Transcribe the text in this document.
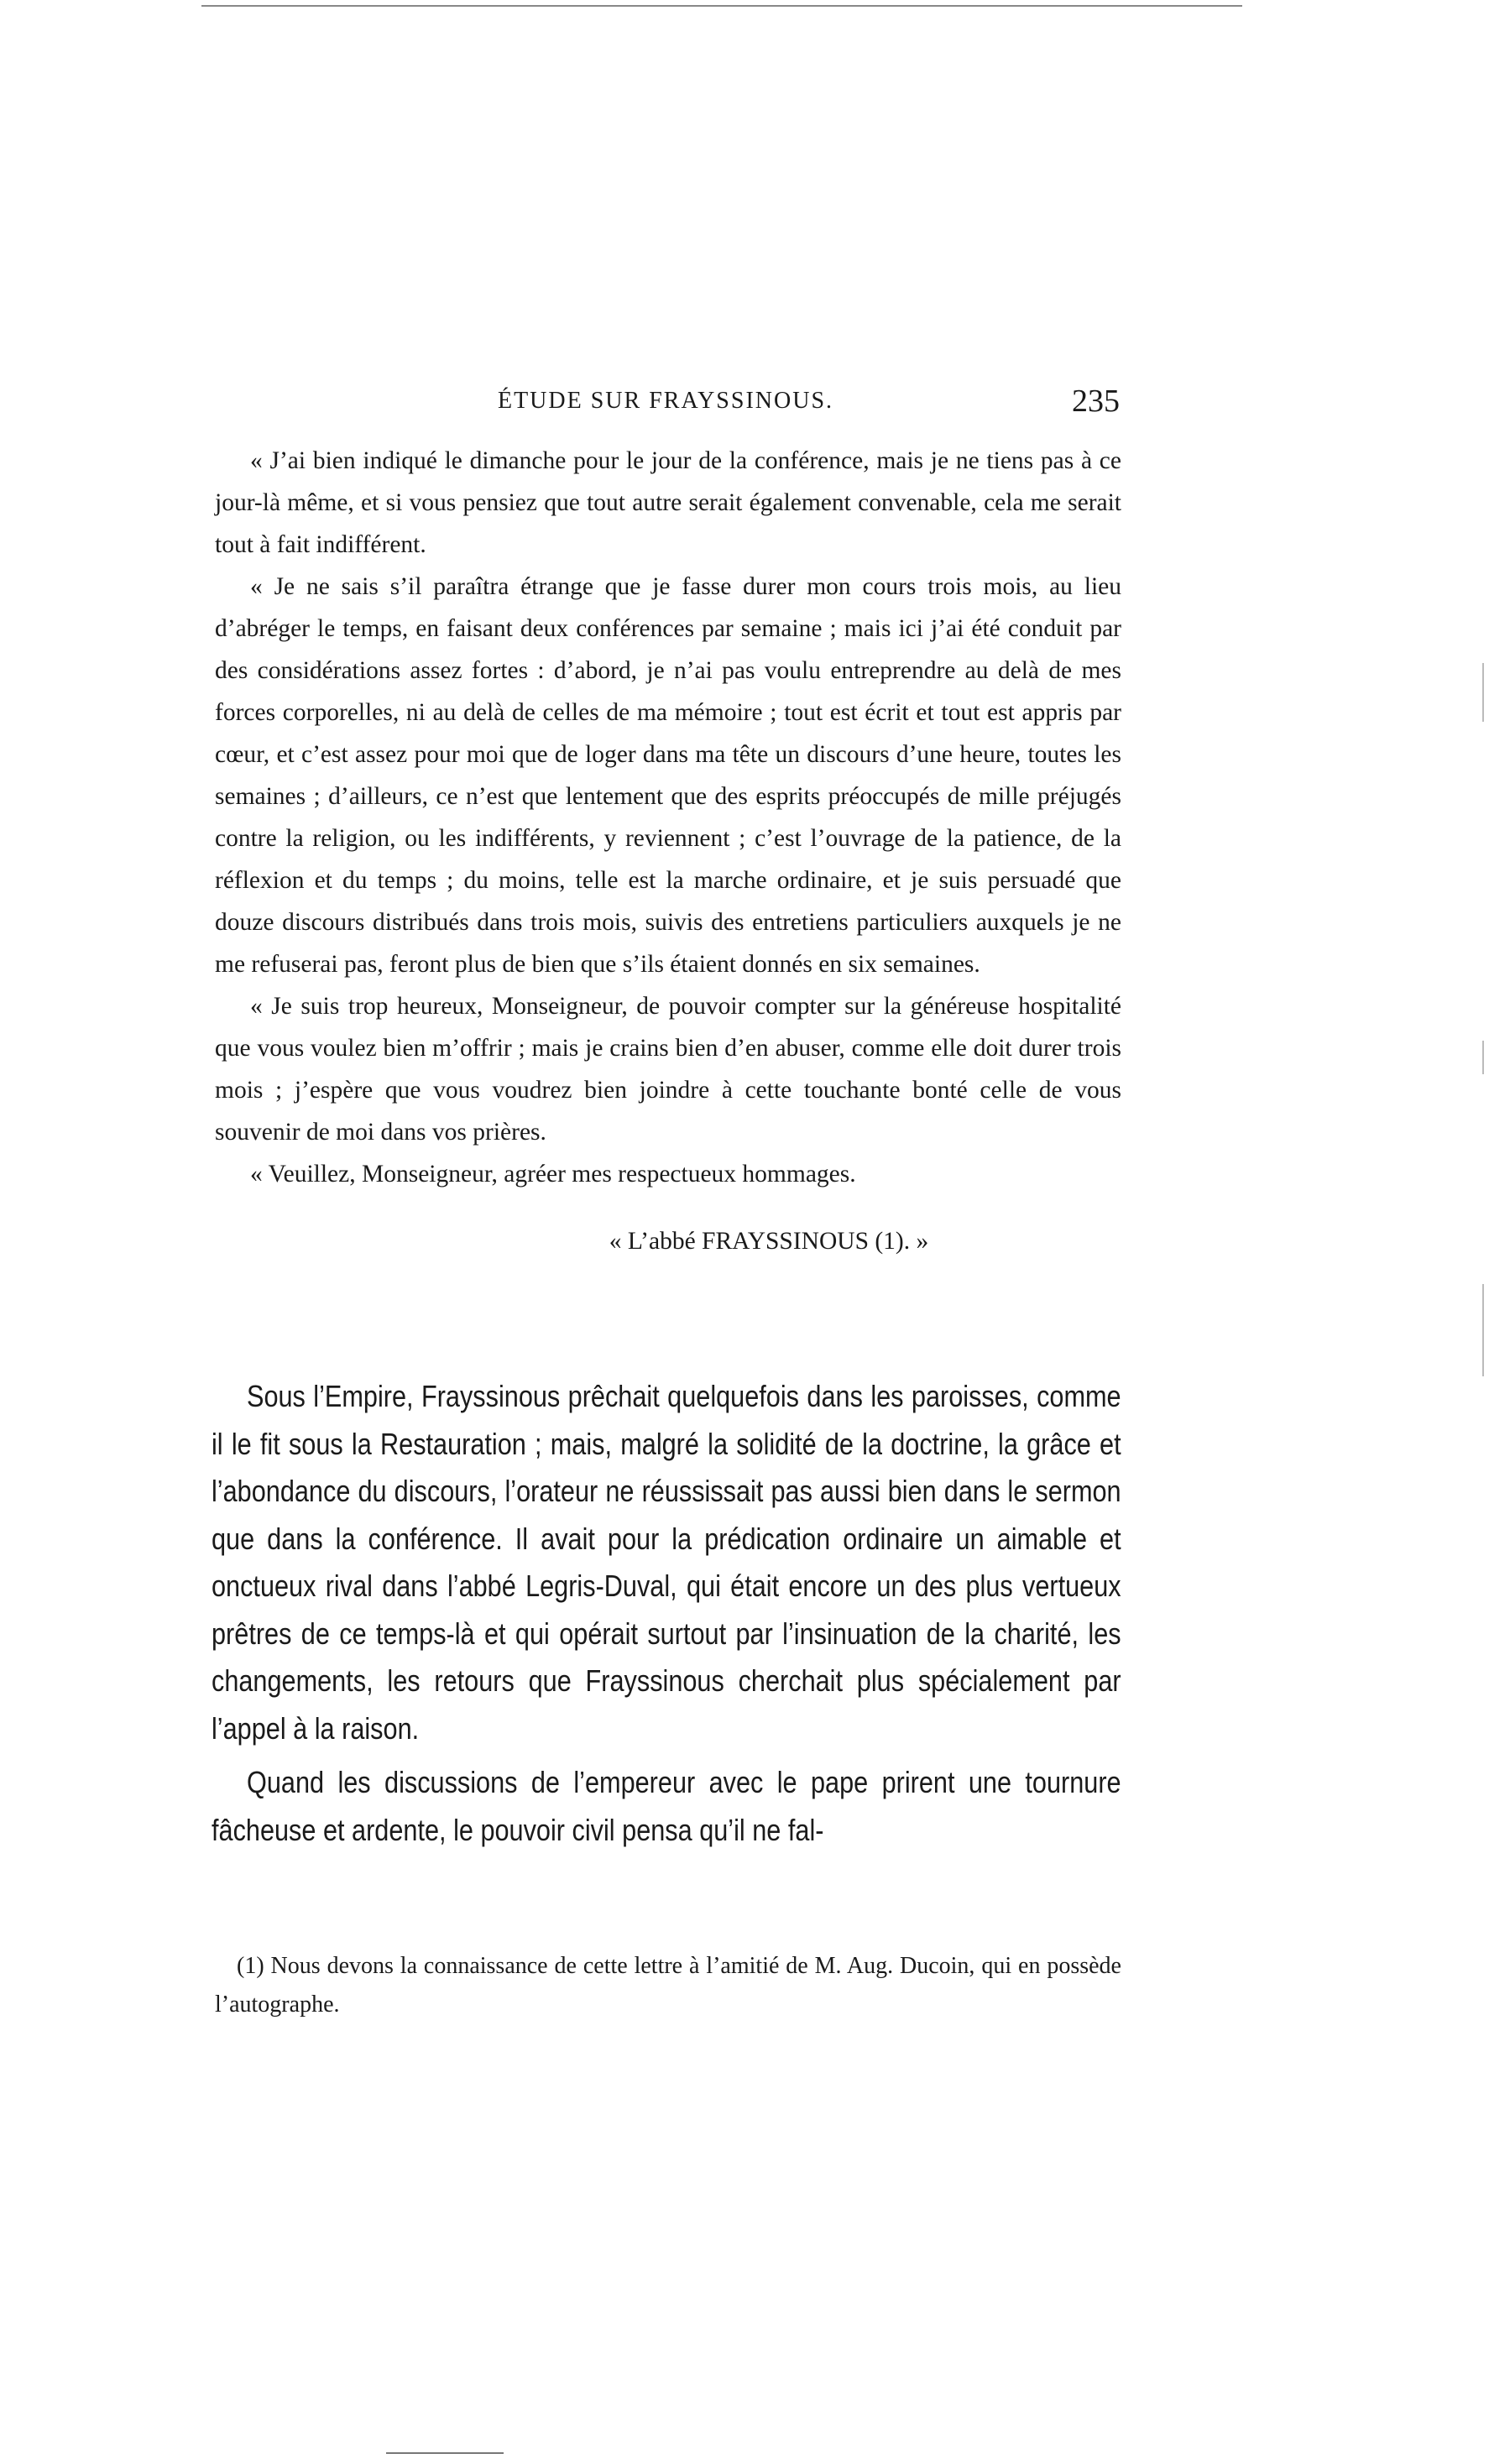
ÉTUDE SUR FRAYSSINOUS.	235

« J’ai bien indiqué le dimanche pour le jour de la conférence, mais je ne tiens pas à ce jour-là même, et si vous pensiez que tout autre serait également convenable, cela me serait tout à fait indifférent.

« Je ne sais s’il paraîtra étrange que je fasse durer mon cours trois mois, au lieu d’abréger le temps, en faisant deux conférences par semaine ; mais ici j’ai été conduit par des considérations assez fortes : d’abord, je n’ai pas voulu entreprendre au delà de mes forces corporelles, ni au delà de celles de ma mémoire ; tout est écrit et tout est appris par cœur, et c’est assez pour moi que de loger dans ma tête un discours d’une heure, toutes les semaines ; d’ailleurs, ce n’est que lentement que des esprits préoccupés de mille préjugés contre la religion, ou les indifférents, y reviennent ; c’est l’ouvrage de la patience, de la réflexion et du temps ; du moins, telle est la marche ordinaire, et je suis persuadé que douze discours distribués dans trois mois, suivis des entretiens particuliers auxquels je ne me refuserai pas, feront plus de bien que s’ils étaient donnés en six semaines.

« Je suis trop heureux, Monseigneur, de pouvoir compter sur la généreuse hospitalité que vous voulez bien m’offrir ; mais je crains bien d’en abuser, comme elle doit durer trois mois ; j’espère que vous voudrez bien joindre à cette touchante bonté celle de vous souvenir de moi dans vos prières.

« Veuillez, Monseigneur, agréer mes respectueux hommages.

« L’abbé FRAYSSINOUS (1). »

Sous l’Empire, Frayssinous prêchait quelquefois dans les paroisses, comme il le fit sous la Restauration ; mais, malgré la solidité de la doctrine, la grâce et l’abondance du discours, l’orateur ne réussissait pas aussi bien dans le sermon que dans la conférence. Il avait pour la prédication ordinaire un aimable et onctueux rival dans l’abbé Legris-Duval, qui était encore un des plus vertueux prêtres de ce temps-là et qui opérait surtout par l’insinuation de la charité, les changements, les retours que Frayssinous cherchait plus spécialement par l’appel à la raison.

Quand les discussions de l’empereur avec le pape prirent une tournure fâcheuse et ardente, le pouvoir civil pensa qu’il ne fal-

(1) Nous devons la connaissance de cette lettre à l’amitié de M. Aug. Ducoin, qui en possède l’autographe.
